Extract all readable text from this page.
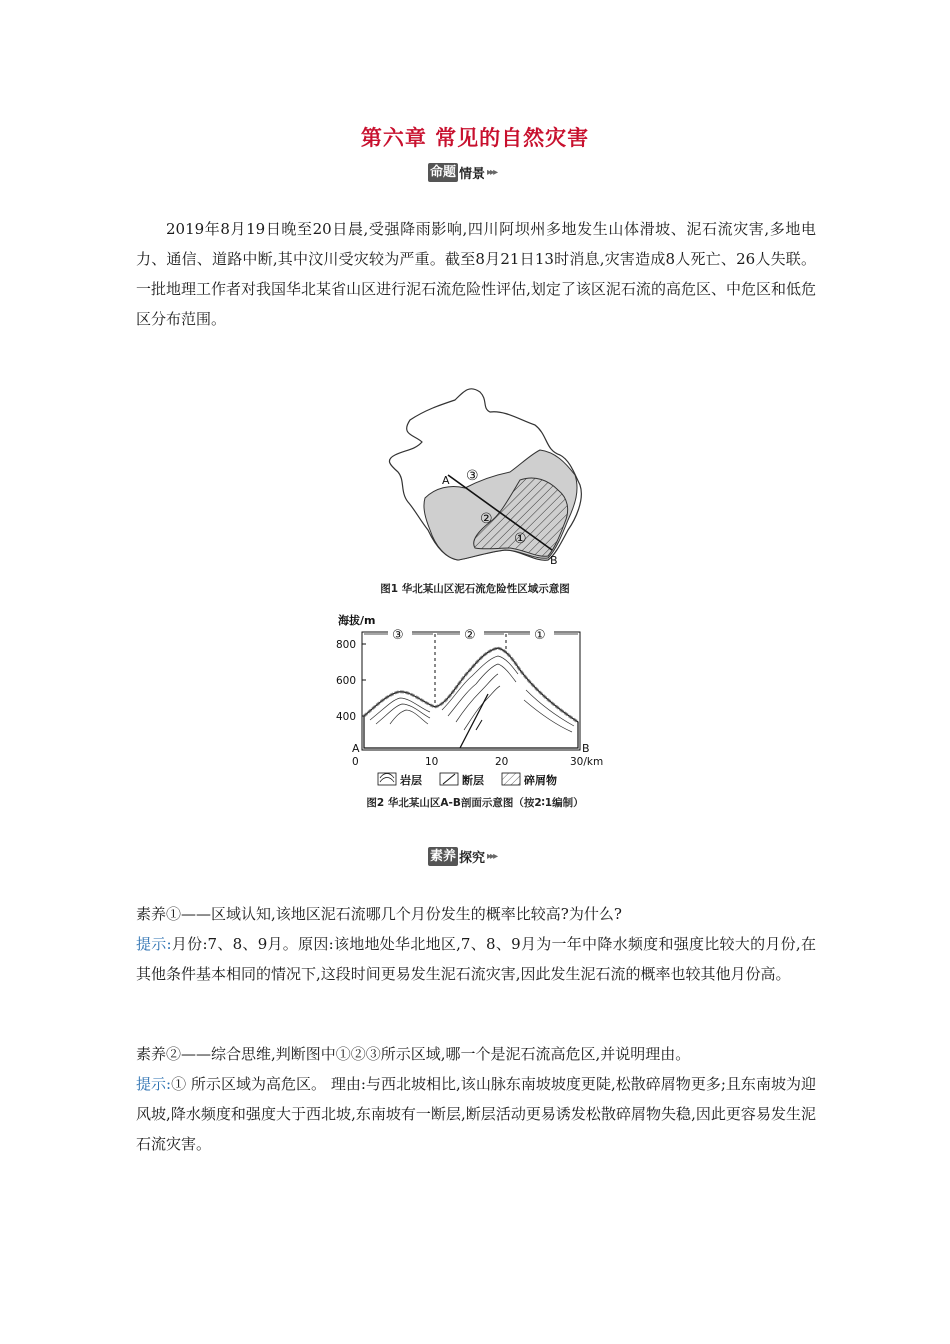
第六章 常见的自然灾害
命题 情景 ▸▸▸
2019年8月19日晚至20日晨,受强降雨影响,四川阿坝州多地发生山体滑坡、泥石流灾害,多地电力、通信、道路中断,其中汶川受灾较为严重。截至8月21日13时消息,灾害造成8人死亡、26人失联。一批地理工作者对我国华北某省山区进行泥石流危险性评估,划定了该区泥石流的高危区、中危区和低危区分布范围。
A
B
③
②
①
图1 华北某山区泥石流危险性区域示意图
海拔/m
800
600
400
③	②	①
A	B
0	10	20	30/km
岩层	断层	碎屑物
图2 华北某山区A-B剖面示意图（按2∶1编制）
素养 探究 ▸▸▸
素养①——区域认知,该地区泥石流哪几个月份发生的概率比较高?为什么?
提示:月份:7、8、9月。原因:该地地处华北地区,7、8、9月为一年中降水频度和强度比较大的月份,在其他条件基本相同的情况下,这段时间更易发生泥石流灾害,因此发生泥石流的概率也较其他月份高。
素养②——综合思维,判断图中①②③所示区域,哪一个是泥石流高危区,并说明理由。
提示:① 所示区域为高危区。 理由:与西北坡相比,该山脉东南坡坡度更陡,松散碎屑物更多;且东南坡为迎风坡,降水频度和强度大于西北坡,东南坡有一断层,断层活动更易诱发松散碎屑物失稳,因此更容易发生泥石流灾害。
